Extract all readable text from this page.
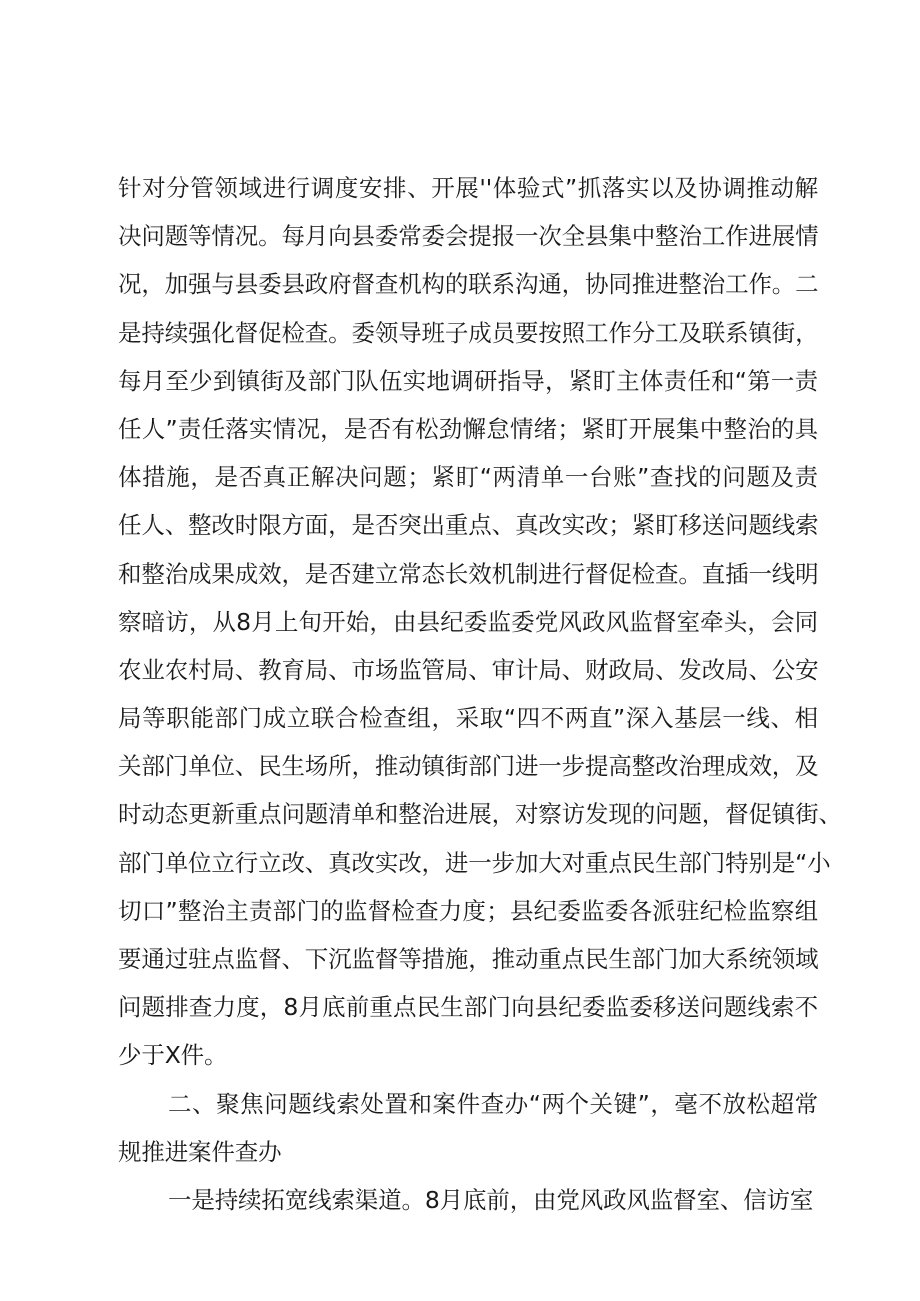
针对分管领域进行调度安排、开展''体验式”抓落实以及协调推动解
决问题等情况。每月向县委常委会提报一次全县集中整治工作进展情
况，加强与县委县政府督查机构的联系沟通，协同推进整治工作。二
是持续强化督促检查。委领导班子成员要按照工作分工及联系镇街，
每月至少到镇街及部门队伍实地调研指导，紧盯主体责任和“第一责
任人”责任落实情况，是否有松劲懈怠情绪；紧盯开展集中整治的具
体措施，是否真正解决问题；紧盯“两清单一台账”查找的问题及责
任人、整改时限方面，是否突出重点、真改实改；紧盯移送问题线索
和整治成果成效，是否建立常态长效机制进行督促检查。直插一线明
察暗访，从8月上旬开始，由县纪委监委党风政风监督室牵头，会同
农业农村局、教育局、市场监管局、审计局、财政局、发改局、公安
局等职能部门成立联合检查组，采取“四不两直”深入基层一线、相
关部门单位、民生场所，推动镇街部门进一步提高整改治理成效，及
时动态更新重点问题清单和整治进展，对察访发现的问题，督促镇街、
部门单位立行立改、真改实改，进一步加大对重点民生部门特别是“小
切口”整治主责部门的监督检查力度；县纪委监委各派驻纪检监察组
要通过驻点监督、下沉监督等措施，推动重点民生部门加大系统领域
问题排查力度，8月底前重点民生部门向县纪委监委移送问题线索不
少于X件。
二、聚焦问题线索处置和案件查办“两个关键”，毫不放松超常
规推进案件查办
一是持续拓宽线索渠道。8月底前，由党风政风监督室、信访室
